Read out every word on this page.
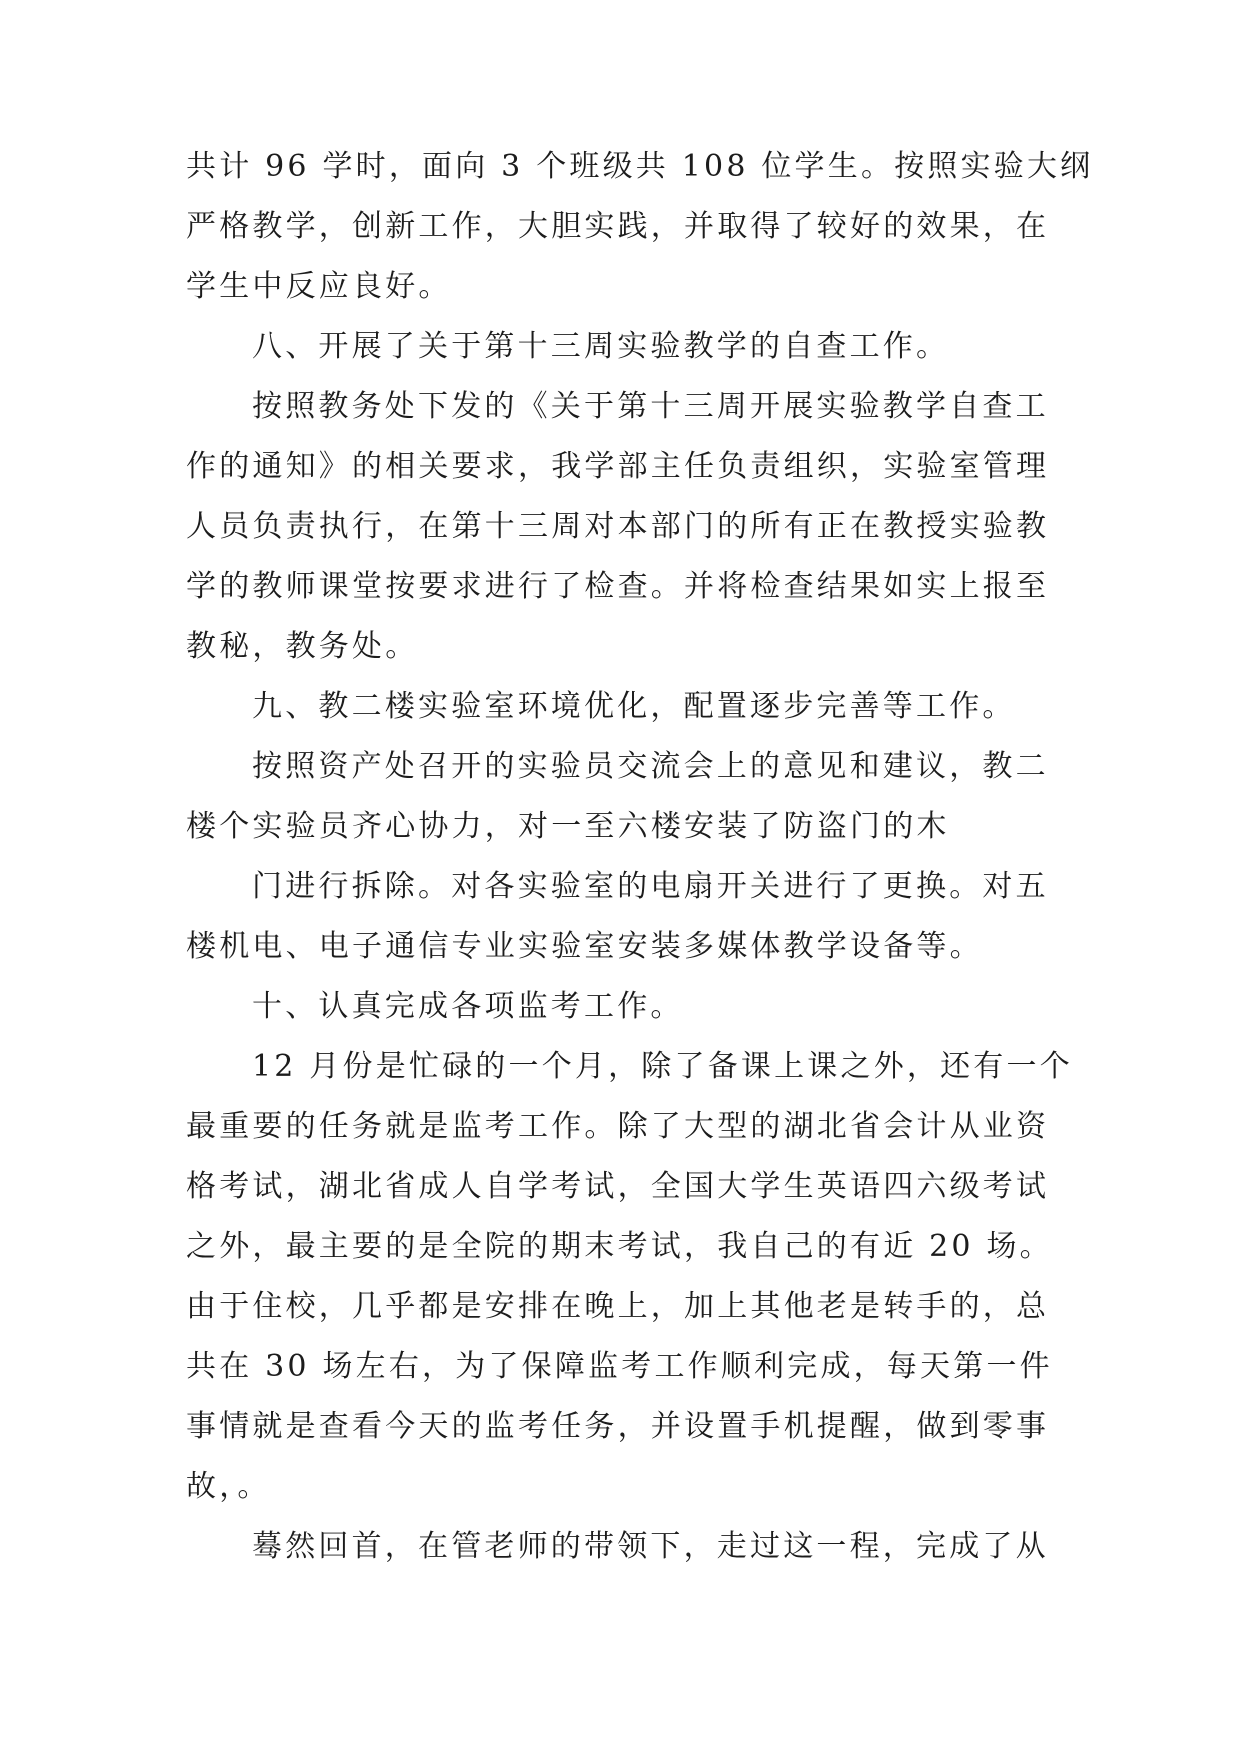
共计 96 学时，面向 3 个班级共 108 位学生。按照实验大纲

严格教学，创新工作，大胆实践，并取得了较好的效果，在

学生中反应良好。

八、开展了关于第十三周实验教学的自查工作。

按照教务处下发的《关于第十三周开展实验教学自查工

作的通知》的相关要求，我学部主任负责组织，实验室管理

人员负责执行，在第十三周对本部门的所有正在教授实验教

学的教师课堂按要求进行了检查。并将检查结果如实上报至

教秘，教务处。

九、教二楼实验室环境优化，配置逐步完善等工作。

按照资产处召开的实验员交流会上的意见和建议，教二

楼个实验员齐心协力，对一至六楼安装了防盗门的木

门进行拆除。对各实验室的电扇开关进行了更换。对五

楼机电、电子通信专业实验室安装多媒体教学设备等。

十、认真完成各项监考工作。

12 月份是忙碌的一个月，除了备课上课之外，还有一个

最重要的任务就是监考工作。除了大型的湖北省会计从业资

格考试，湖北省成人自学考试，全国大学生英语四六级考试

之外，最主要的是全院的期末考试，我自己的有近 20 场。

由于住校，几乎都是安排在晚上，加上其他老是转手的，总

共在 30 场左右，为了保障监考工作顺利完成，每天第一件

事情就是查看今天的监考任务，并设置手机提醒，做到零事

故，。

蓦然回首，在管老师的带领下，走过这一程，完成了从
